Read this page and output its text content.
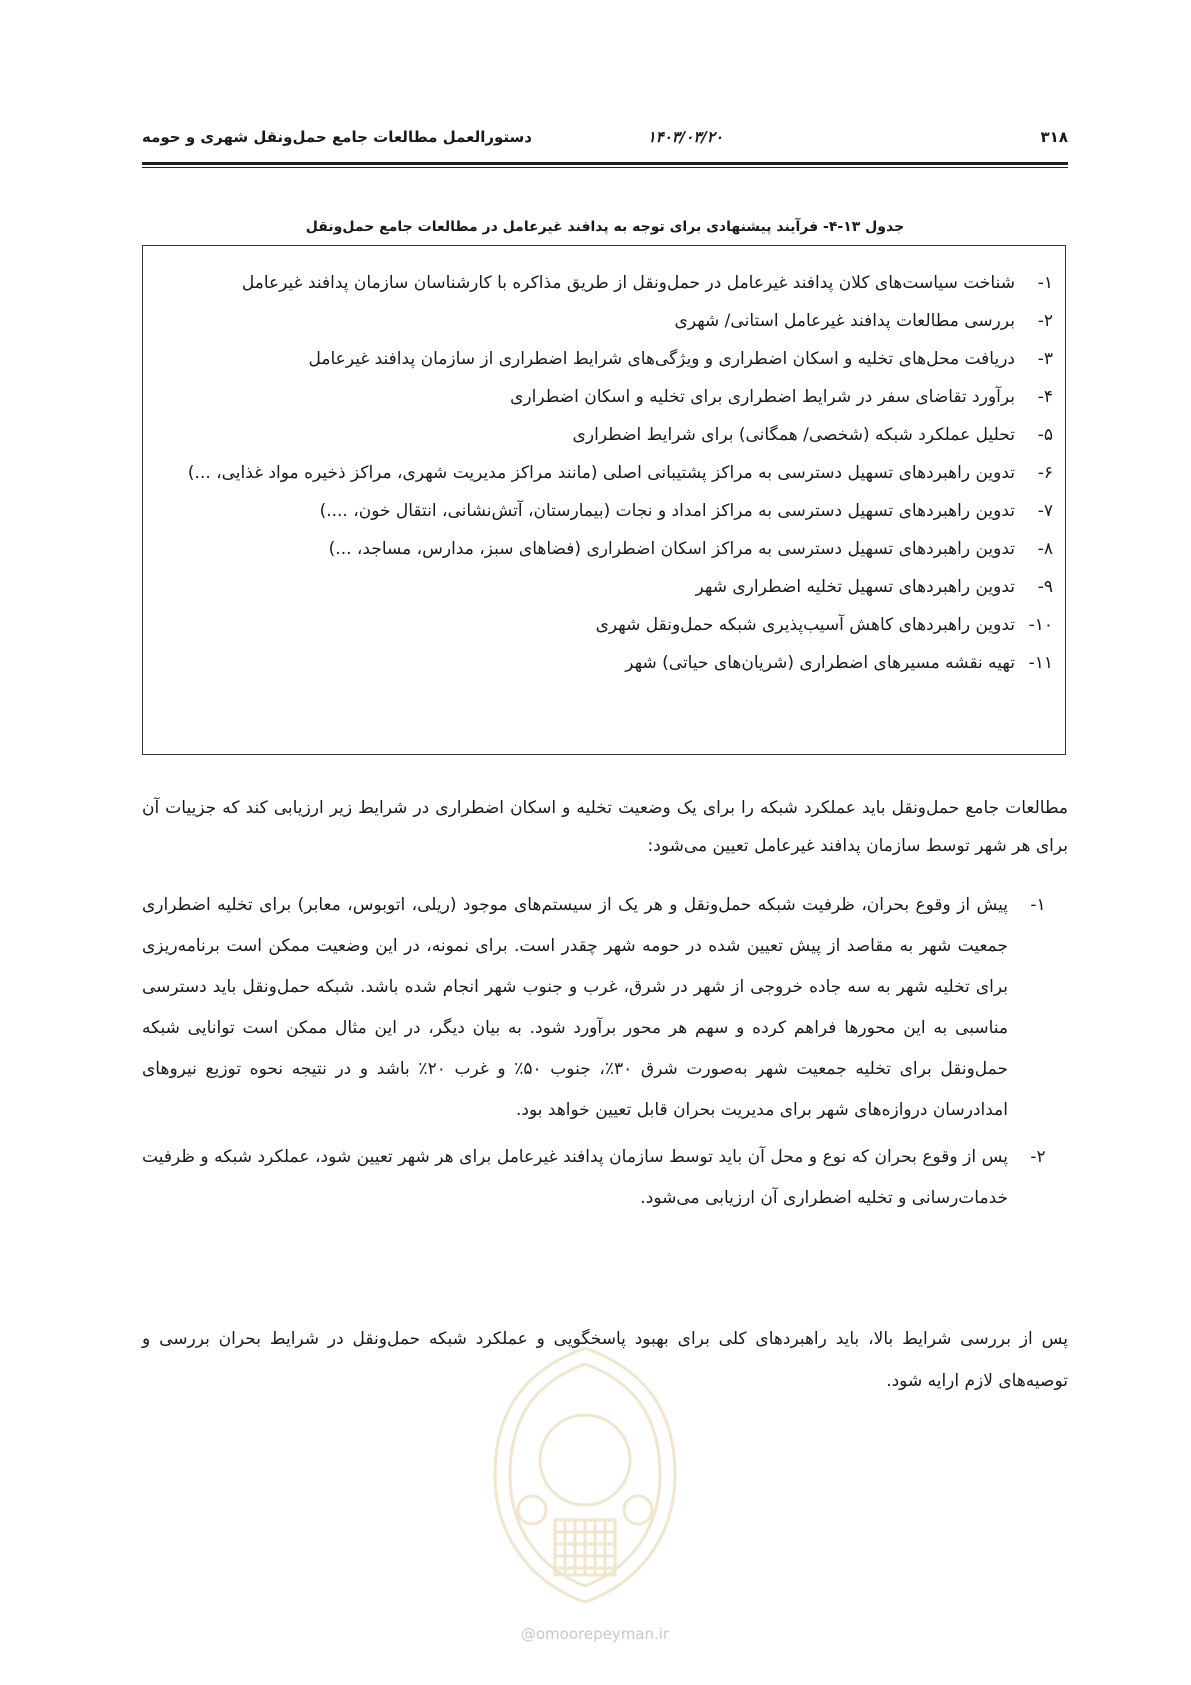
۳۱۸
۱۴۰۳/۰۳/۲۰
دستورالعمل مطالعات جامع حمل‌ونقل شهری و حومه
جدول ۱۳-۴- فرآیند پیشنهادی برای توجه به پدافند غیرعامل در مطالعات جامع حمل‌ونقل
۱-
شناخت سیاست‌های کلان پدافند غیرعامل در حمل‌ونقل از طریق مذاکره با کارشناسان سازمان پدافند غیرعامل
۲-
بررسی مطالعات پدافند غیرعامل استانی/ شهری
۳-
دریافت محل‌های تخلیه و اسکان اضطراری و ویژگی‌های شرایط اضطراری از سازمان پدافند غیرعامل
۴-
برآورد تقاضای سفر در شرایط اضطراری برای تخلیه و اسکان اضطراری
۵-
تحلیل عملکرد شبکه (شخصی/ همگانی) برای شرایط اضطراری
۶-
تدوین راهبردهای تسهیل دسترسی به مراکز پشتیبانی اصلی (مانند مراکز مدیریت شهری، مراکز ذخیره مواد غذایی، ...)
۷-
تدوین راهبردهای تسهیل دسترسی به مراکز امداد و نجات (بیمارستان، آتش‌نشانی، انتقال خون، ....)
۸-
تدوین راهبردهای تسهیل دسترسی به مراکز اسکان اضطراری (فضاهای سبز، مدارس، مساجد، ...)
۹-
تدوین راهبردهای تسهیل تخلیه اضطراری شهر
۱۰-
تدوین راهبردهای کاهش آسیب‌پذیری شبکه حمل‌ونقل شهری
۱۱-
تهیه نقشه مسیرهای اضطراری (شریان‌های حیاتی) شهر

مطالعات جامع حمل‌ونقل باید عملکرد شبکه را برای یک وضعیت تخلیه و اسکان اضطراری در شرایط زیر ارزیابی کند که جزییات آن برای هر شهر توسط سازمان پدافند غیرعامل تعیین می‌شود:

۱-
پیش از وقوع بحران، ظرفیت شبکه حمل‌ونقل و هر یک از سیستم‌های موجود (ریلی، اتوبوس، معابر) برای تخلیه اضطراری جمعیت شهر به مقاصد از پیش تعیین شده در حومه شهر چقدر است. برای نمونه، در این وضعیت ممکن است برنامه‌ریزی برای تخلیه شهر به سه جاده خروجی از شهر در شرق، غرب و جنوب شهر انجام شده باشد. شبکه حمل‌ونقل باید دسترسی مناسبی به این محورها فراهم کرده و سهم هر محور برآورد شود. به بیان دیگر، در این مثال ممکن است توانایی شبکه حمل‌ونقل برای تخلیه جمعیت شهر به‌صورت شرق ۳۰٪، جنوب ۵۰٪ و غرب ۲۰٪ باشد و در نتیجه نحوه توزیع نیروهای امدادرسان دروازه‌های شهر برای مدیریت بحران قابل تعیین خواهد بود.
۲-
پس از وقوع بحران که نوع و محل آن باید توسط سازمان پدافند غیرعامل برای هر شهر تعیین شود، عملکرد شبکه و ظرفیت خدمات‌رسانی و تخلیه اضطراری آن ارزیابی می‌شود.

پس از بررسی شرایط بالا، باید راهبردهای کلی برای بهبود پاسخگویی و عملکرد شبکه حمل‌ونقل در شرایط بحران بررسی و توصیه‌های لازم ارایه شود.

@omoorepeyman.ir
